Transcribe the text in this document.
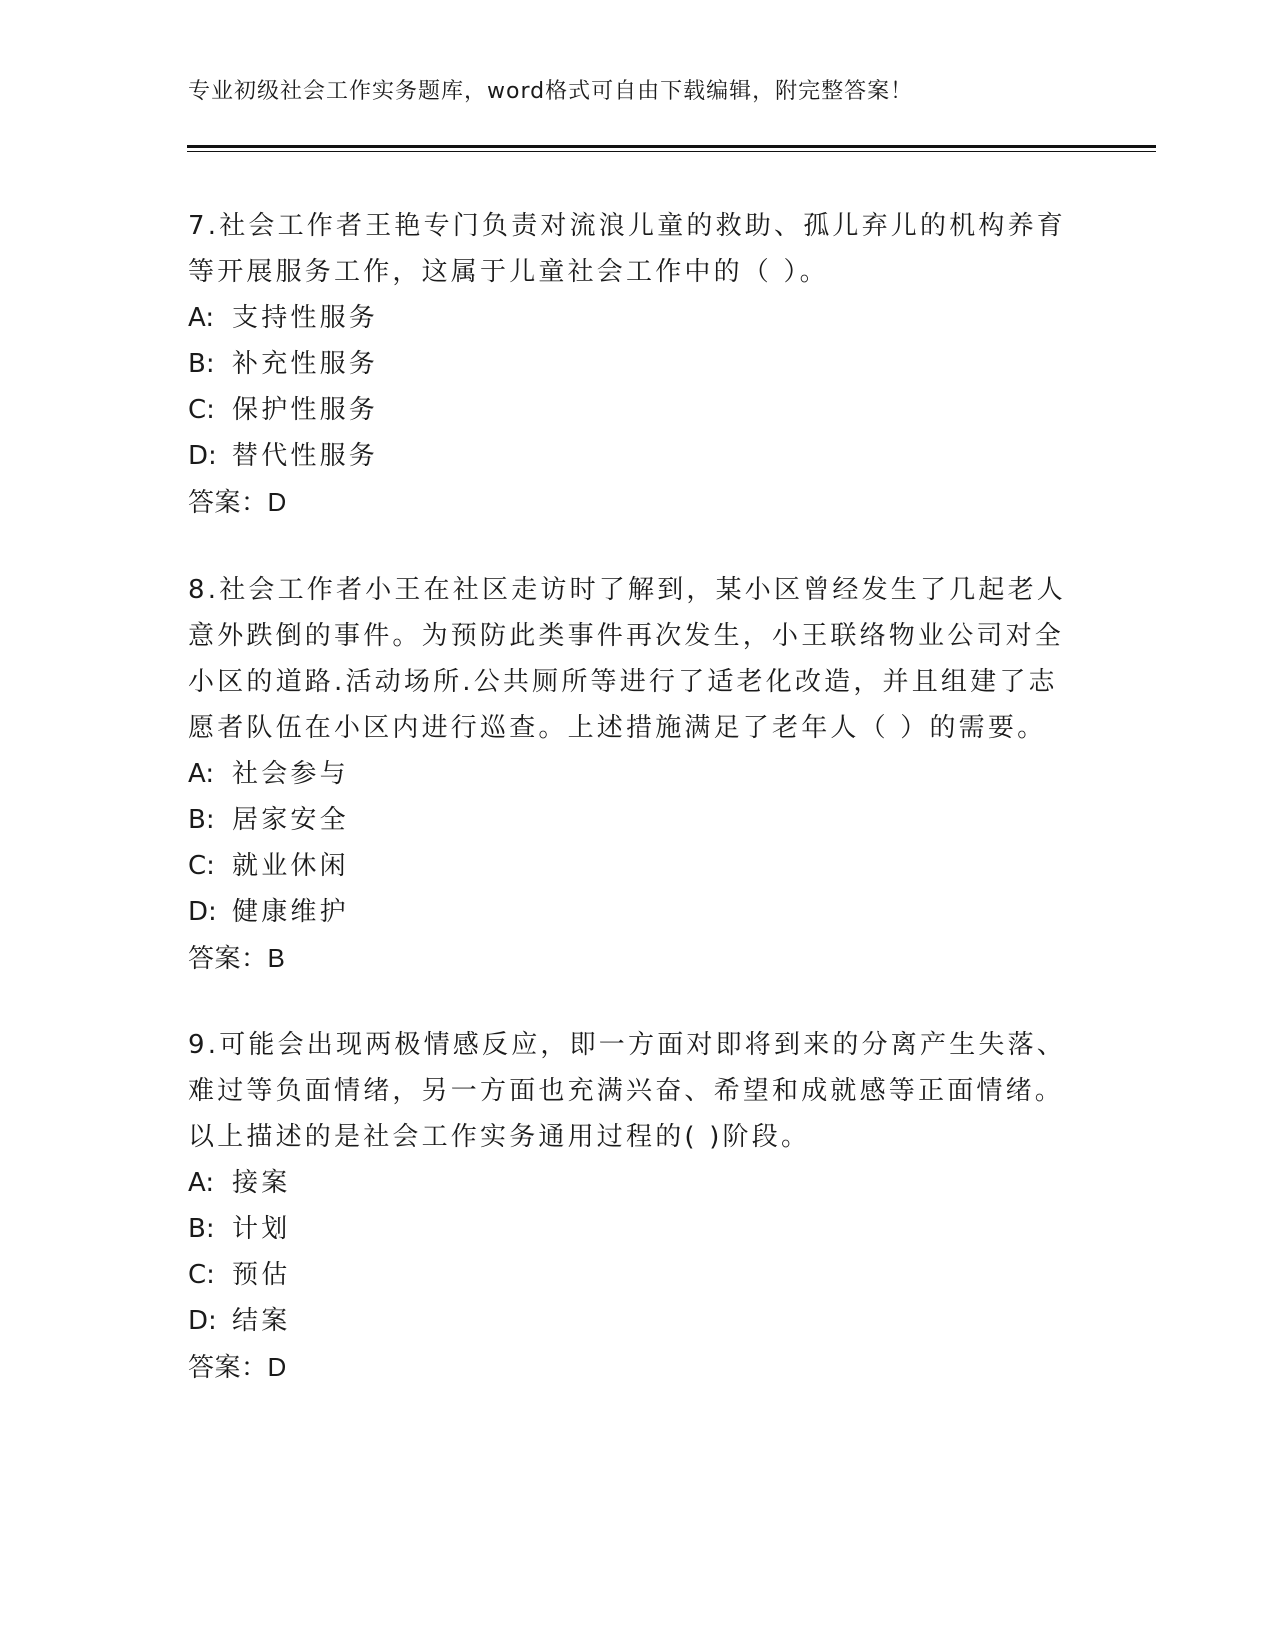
专业初级社会工作实务题库，word格式可自由下载编辑，附完整答案！

7.社会工作者王艳专门负责对流浪儿童的救助、孤儿弃儿的机构养育等开展服务工作，这属于儿童社会工作中的（ ）。

A: 支持性服务
B: 补充性服务
C: 保护性服务
D: 替代性服务
答案：D

8.社会工作者小王在社区走访时了解到，某小区曾经发生了几起老人意外跌倒的事件。为预防此类事件再次发生，小王联络物业公司对全小区的道路.活动场所.公共厕所等进行了适老化改造，并且组建了志愿者队伍在小区内进行巡查。上述措施满足了老年人（ ）的需要。

A: 社会参与
B: 居家安全
C: 就业休闲
D: 健康维护
答案：B

9.可能会出现两极情感反应，即一方面对即将到来的分离产生失落、难过等负面情绪，另一方面也充满兴奋、希望和成就感等正面情绪。以上描述的是社会工作实务通用过程的( )阶段。

A: 接案
B: 计划
C: 预估
D: 结案
答案：D
